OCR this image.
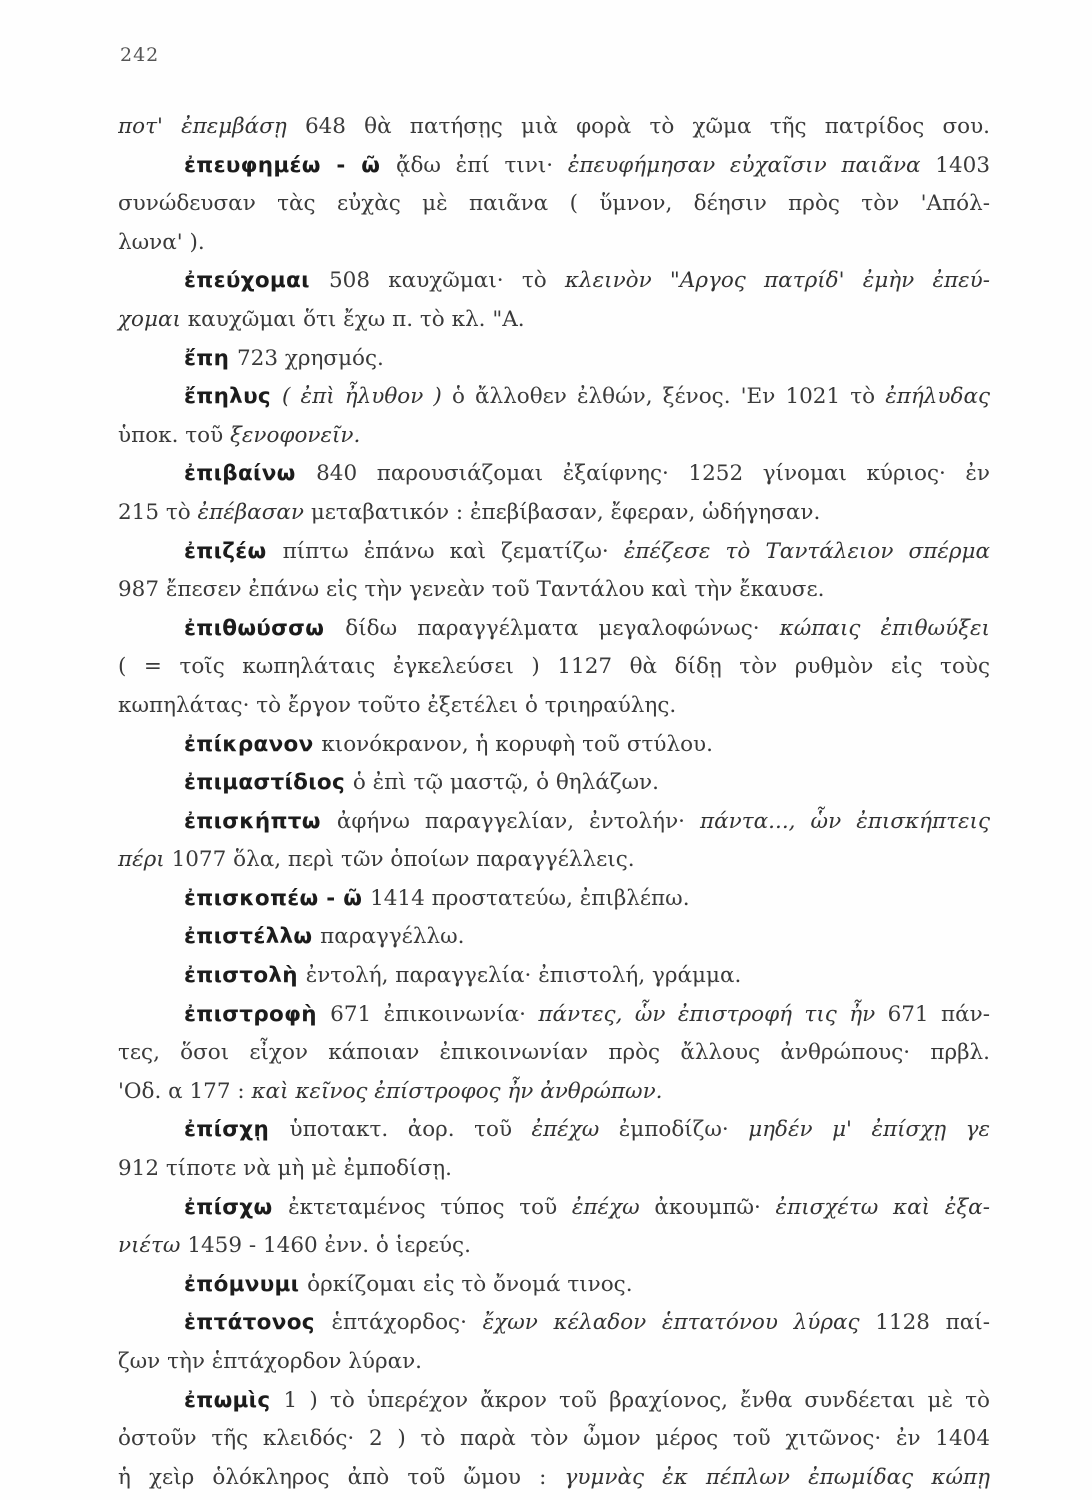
242
ποτ' ἐπεμβάσῃ 648 θὰ πατήσῃς μιὰ φορὰ τὸ χῶμα τῆς πατρίδος σου.
ἐπευφημέω - ῶ ᾄδω ἐπί τινι· ἐπευφήμησαν εὐχαῖσιν παιᾶνα 1403
συνώδευσαν τὰς εὐχὰς μὲ παιᾶνα ( ὕμνον, δέησιν πρὸς τὸν 'Απόλ-
λωνα' ).
ἐπεύχομαι 508 καυχῶμαι· τὸ κλεινὸν "Αργος πατρίδ' ἐμὴν ἐπεύ-
χομαι καυχῶμαι ὅτι ἔχω π. τὸ κλ. "Α.
ἔπη 723 χρησμός.
ἔπηλυς ( ἐπὶ ἦλυθον ) ὁ ἄλλοθεν ἐλθών, ξένος. 'Εν 1021 τὸ ἐπήλυδας
ὑποκ. τοῦ ξενοφονεῖν.
ἐπιβαίνω 840 παρουσιάζομαι ἐξαίφνης· 1252 γίνομαι κύριος· ἐν
215 τὸ ἐπέβασαν μεταβατικόν : ἐπεβίβασαν, ἔφεραν, ὡδήγησαν.
ἐπιζέω πίπτω ἐπάνω καὶ ζεματίζω· ἐπέζεσε τὸ Ταντάλειον σπέρμα
987 ἔπεσεν ἐπάνω εἰς τὴν γενεὰν τοῦ Ταντάλου καὶ τὴν ἔκαυσε.
ἐπιθωύσσω δίδω παραγγέλματα μεγαλοφώνως· κώπαις ἐπιθωύξει
( = τοῖς κωπηλάταις ἐγκελεύσει ) 1127 θὰ δίδῃ τὸν ρυθμὸν εἰς τοὺς
κωπηλάτας· τὸ ἔργον τοῦτο ἐξετέλει ὁ τριηραύλης.
ἐπίκρανον κιονόκρανον, ἡ κορυφὴ τοῦ στύλου.
ἐπιμαστίδιος ὁ ἐπὶ τῷ μαστῷ, ὁ θηλάζων.
ἐπισκήπτω ἀφήνω παραγγελίαν, ἐντολήν· πάντα..., ὧν ἐπισκήπτεις
πέρι 1077 ὅλα, περὶ τῶν ὁποίων παραγγέλλεις.
ἐπισκοπέω - ῶ 1414 προστατεύω, ἐπιβλέπω.
ἐπιστέλλω παραγγέλλω.
ἐπιστολὴ ἐντολή, παραγγελία· ἐπιστολή, γράμμα.
ἐπιστροφὴ 671 ἐπικοινωνία· πάντες, ὧν ἐπιστροφή τις ἦν 671 πάν-
τες, ὅσοι εἶχον κάποιαν ἐπικοινωνίαν πρὸς ἄλλους ἀνθρώπους· πρβλ.
'Οδ. α 177 : καὶ κεῖνος ἐπίστροφος ἦν ἀνθρώπων.
ἐπίσχῃ ὑποτακτ. ἀορ. τοῦ ἐπέχω ἐμποδίζω· μηδέν μ' ἐπίσχῃ γε
912 τίποτε νὰ μὴ μὲ ἐμποδίσῃ.
ἐπίσχω ἐκτεταμένος τύπος τοῦ ἐπέχω ἀκουμπῶ· ἐπισχέτω καὶ ἐξα-
νιέτω 1459 - 1460 ἐνν. ὁ ἱερεύς.
ἐπόμνυμι ὁρκίζομαι εἰς τὸ ὄνομά τινος.
ἑπτάτονος ἑπτάχορδος· ἔχων κέλαδον ἑπτατόνου λύρας 1128 παί-
ζων τὴν ἑπτάχορδον λύραν.
ἐπωμὶς 1 ) τὸ ὑπερέχον ἄκρον τοῦ βραχίονος, ἔνθα συνδέεται μὲ τὸ
ὀστοῦν τῆς κλειδός· 2 ) τὸ παρὰ τὸν ὦμον μέρος τοῦ χιτῶνος· ἐν 1404
ἡ χεὶρ ὁλόκληρος ἀπὸ τοῦ ὤμου : γυμνὰς ἐκ πέπλων ἐπωμίδας κώπῃ
